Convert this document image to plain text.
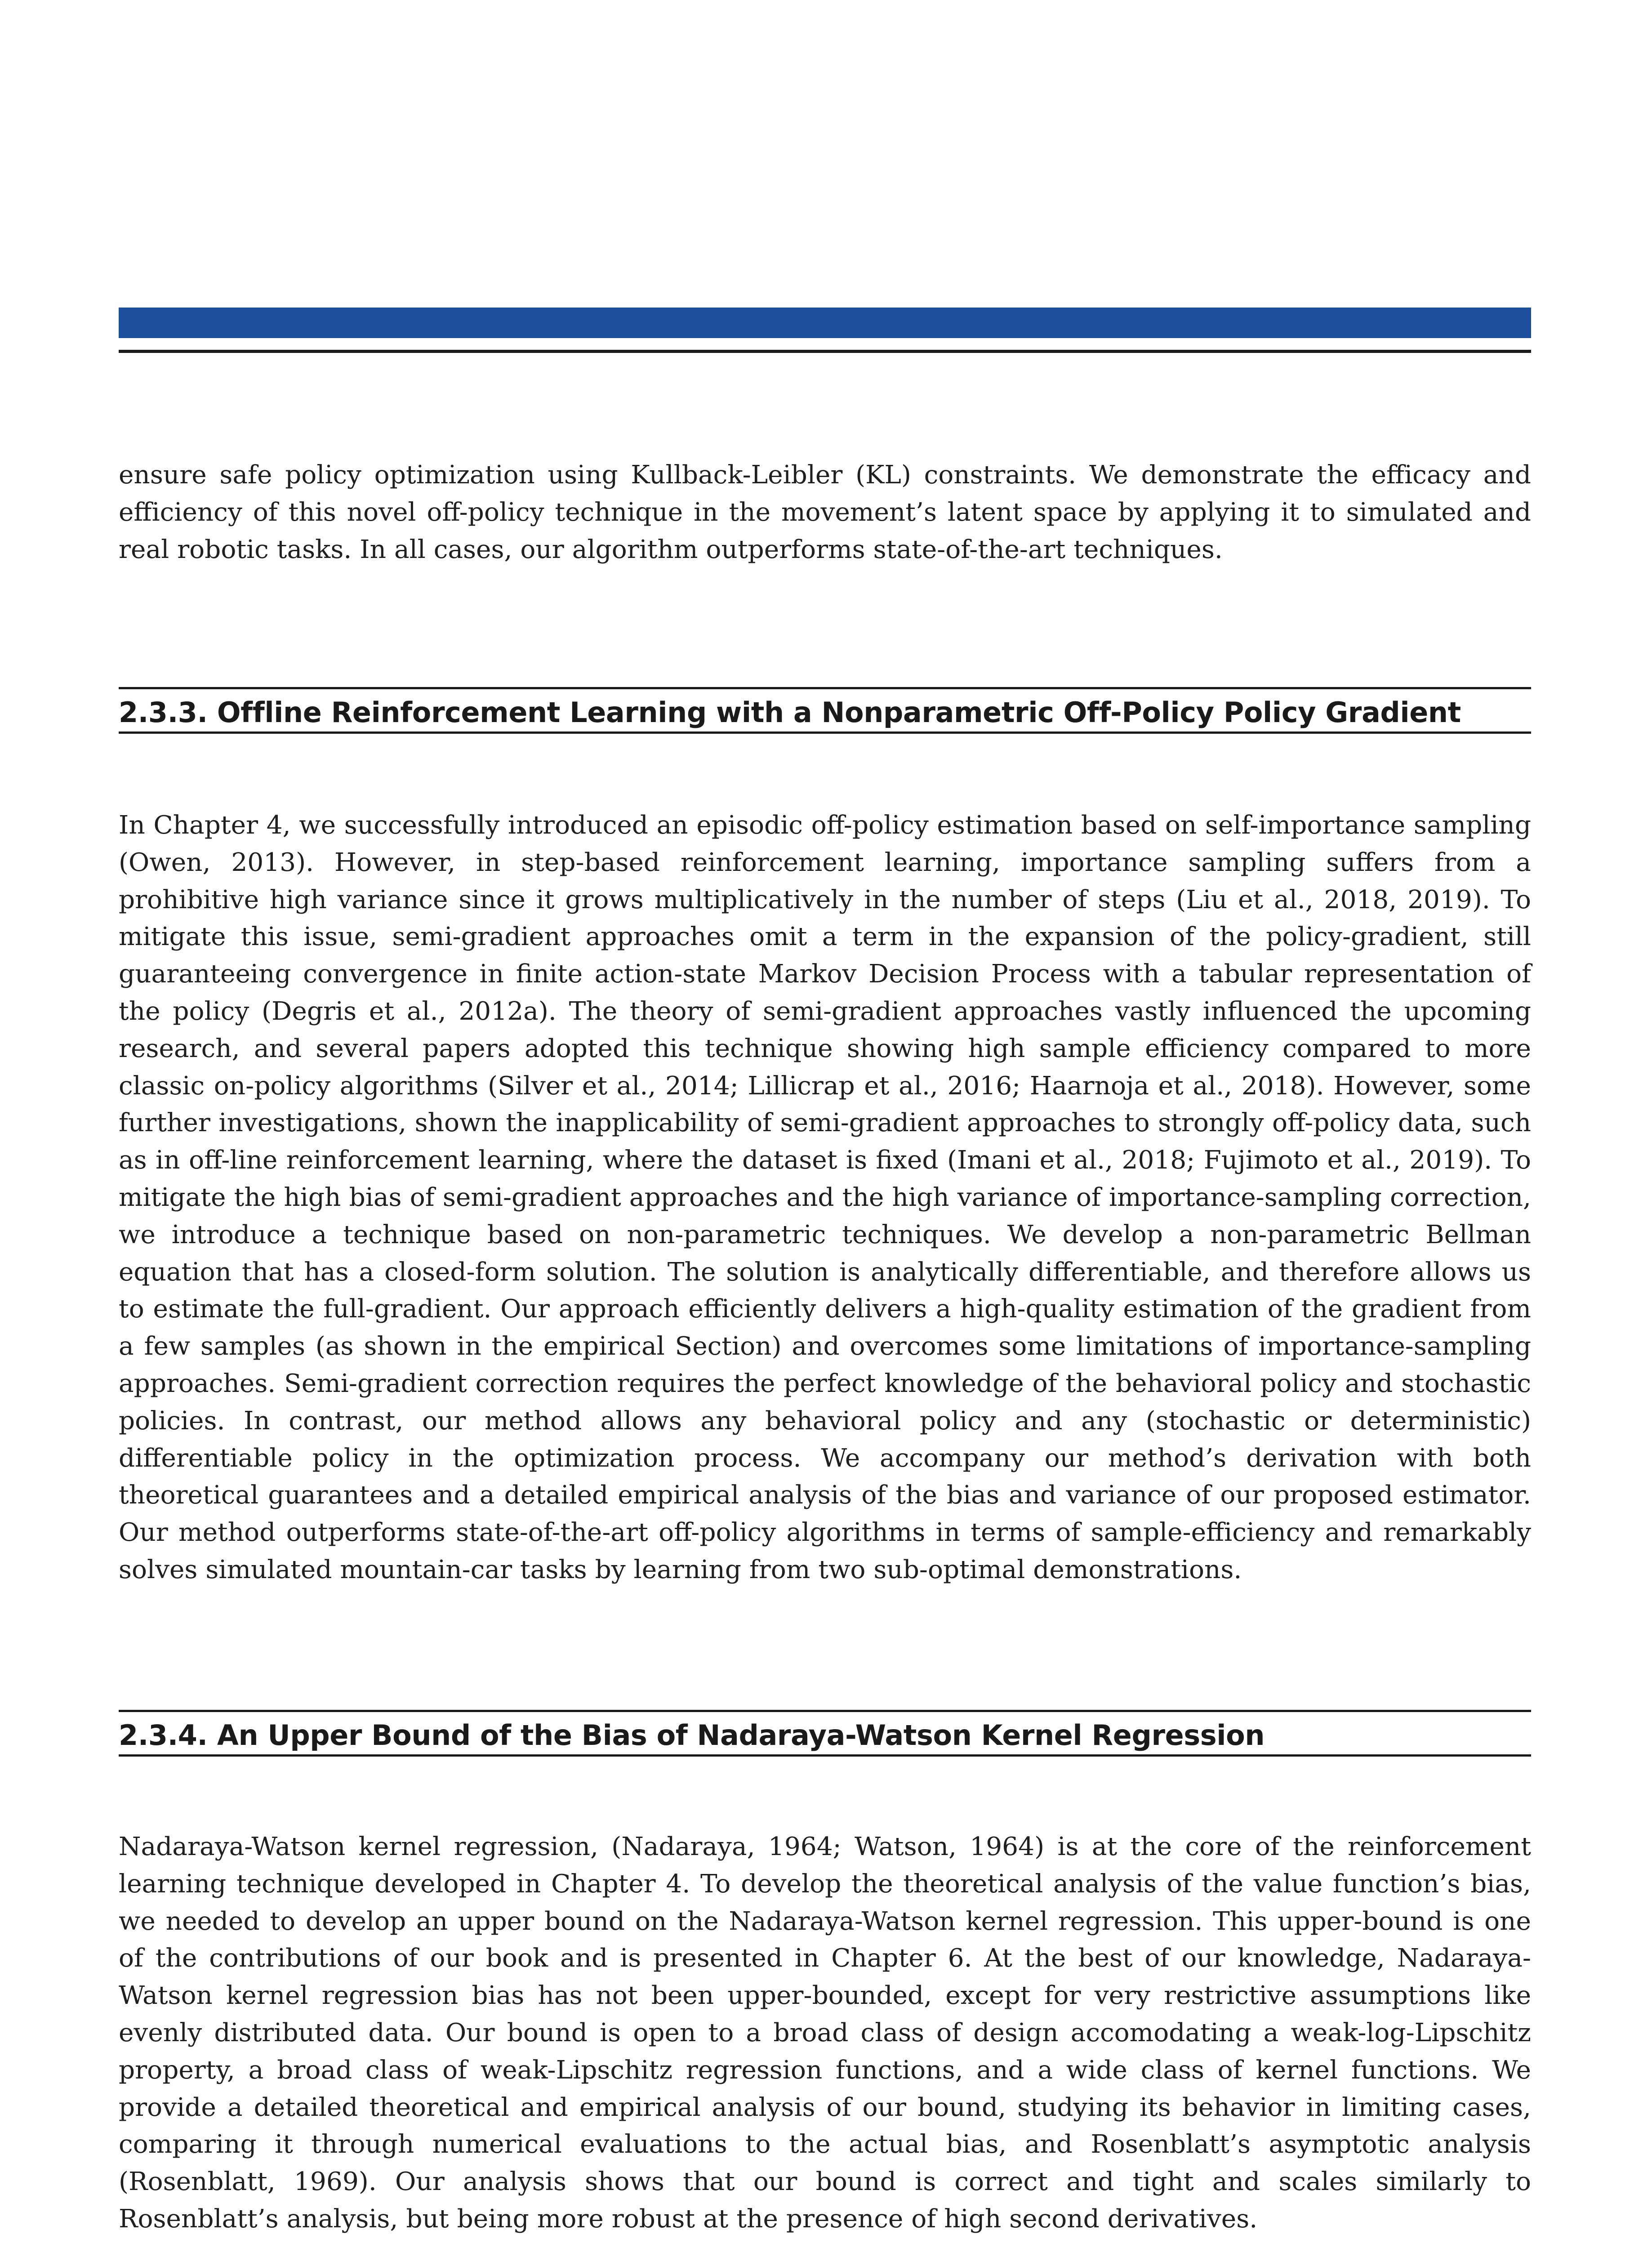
ensure safe policy optimization using Kullback-Leibler (KL) constraints. We demonstrate the efficacy and efficiency of this novel off-policy technique in the movement’s latent space by applying it to simulated and real robotic tasks. In all cases, our algorithm outperforms state-of-the-art techniques.

2.3.3. Offline Reinforcement Learning with a Nonparametric Off-Policy Policy Gradient

In Chapter 4, we successfully introduced an episodic off-policy estimation based on self-importance sampling (Owen, 2013). However, in step-based reinforcement learning, importance sampling suffers from a prohibitive high variance since it grows multiplicatively in the number of steps (Liu et al., 2018, 2019). To mitigate this issue, semi-gradient approaches omit a term in the expansion of the policy-gradient, still guaranteeing convergence in finite action-state Markov Decision Process with a tabular representation of the policy (Degris et al., 2012a). The theory of semi-gradient approaches vastly influenced the upcoming research, and several papers adopted this technique showing high sample efficiency compared to more classic on-policy algorithms (Silver et al., 2014; Lillicrap et al., 2016; Haarnoja et al., 2018). However, some further investigations, shown the inapplicability of semi-gradient approaches to strongly off-policy data, such as in off-line reinforcement learning, where the dataset is fixed (Imani et al., 2018; Fujimoto et al., 2019). To mitigate the high bias of semi-gradient approaches and the high variance of importance-sampling correction, we introduce a technique based on non-parametric techniques. We develop a non-parametric Bellman equation that has a closed-form solution. The solution is analytically differentiable, and therefore allows us to estimate the full-gradient. Our approach efficiently delivers a high-quality estimation of the gradient from a few samples (as shown in the empirical Section) and overcomes some limitations of importance-sampling approaches. Semi-gradient correction requires the perfect knowledge of the behavioral policy and stochastic policies. In contrast, our method allows any behavioral policy and any (stochastic or deterministic) differentiable policy in the optimization process. We accompany our method’s derivation with both theoretical guarantees and a detailed empirical analysis of the bias and variance of our proposed estimator. Our method outperforms state-of-the-art off-policy algorithms in terms of sample-efficiency and remarkably solves simulated mountain-car tasks by learning from two sub-optimal demonstrations.

2.3.4. An Upper Bound of the Bias of Nadaraya-Watson Kernel Regression

Nadaraya-Watson kernel regression, (Nadaraya, 1964; Watson, 1964) is at the core of the reinforcement learning technique developed in Chapter 4. To develop the theoretical analysis of the value function’s bias, we needed to develop an upper bound on the Nadaraya-Watson kernel regression. This upper-bound is one of the contributions of our book and is presented in Chapter 6. At the best of our knowledge, Nadaraya-Watson kernel regression bias has not been upper-bounded, except for very restrictive assumptions like evenly distributed data. Our bound is open to a broad class of design accomodating a weak-log-Lipschitz property, a broad class of weak-Lipschitz regression functions, and a wide class of kernel functions. We provide a detailed theoretical and empirical analysis of our bound, studying its behavior in limiting cases, comparing it through numerical evaluations to the actual bias, and Rosenblatt’s asymptotic analysis (Rosenblatt, 1969). Our analysis shows that our bound is correct and tight and scales similarly to Rosenblatt’s analysis, but being more robust at the presence of high second derivatives.
